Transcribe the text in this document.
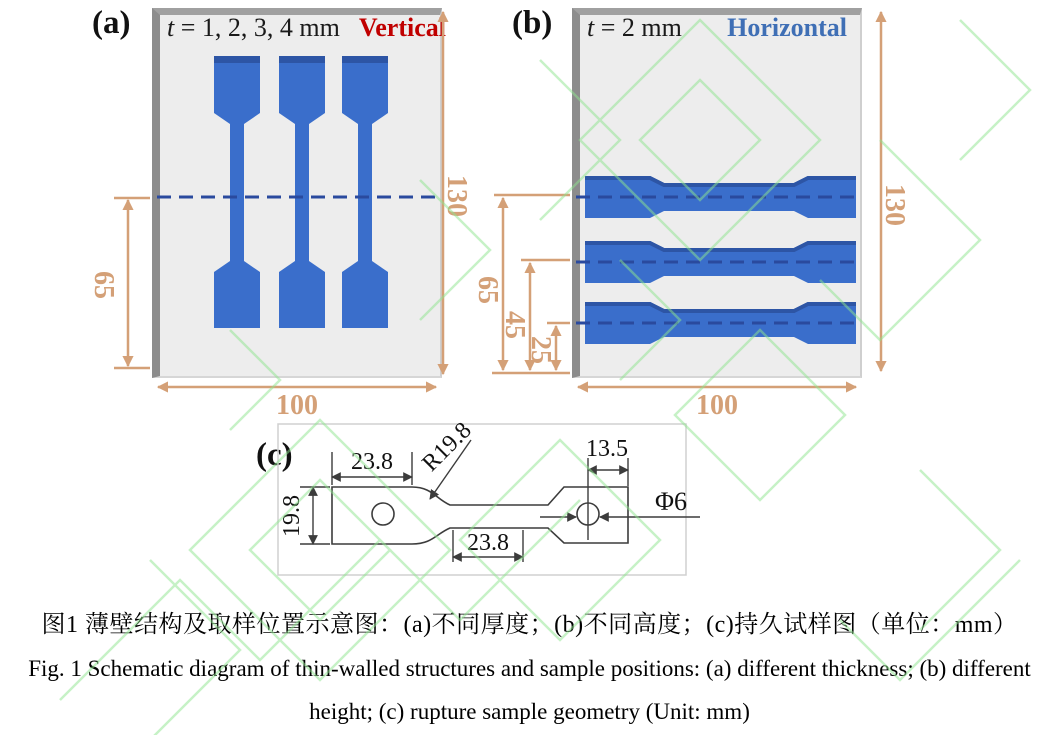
(a)	(b)
(c)
t = 1, 2, 3, 4 mm Vertical	t = 2 mm Horizontal
130
65
130
65
45
25
23.8 R19.8	13.5
Φ6
19.8
23.8
100	100
图1 薄壁结构及取样位置示意图：(a)不同厚度；(b)不同高度；(c)持久试样图（单位：mm）
Fig. 1 Schematic diagram of thin-walled structures and sample positions: (a) different thickness; (b) different
height; (c) rupture sample geometry (Unit: mm)
